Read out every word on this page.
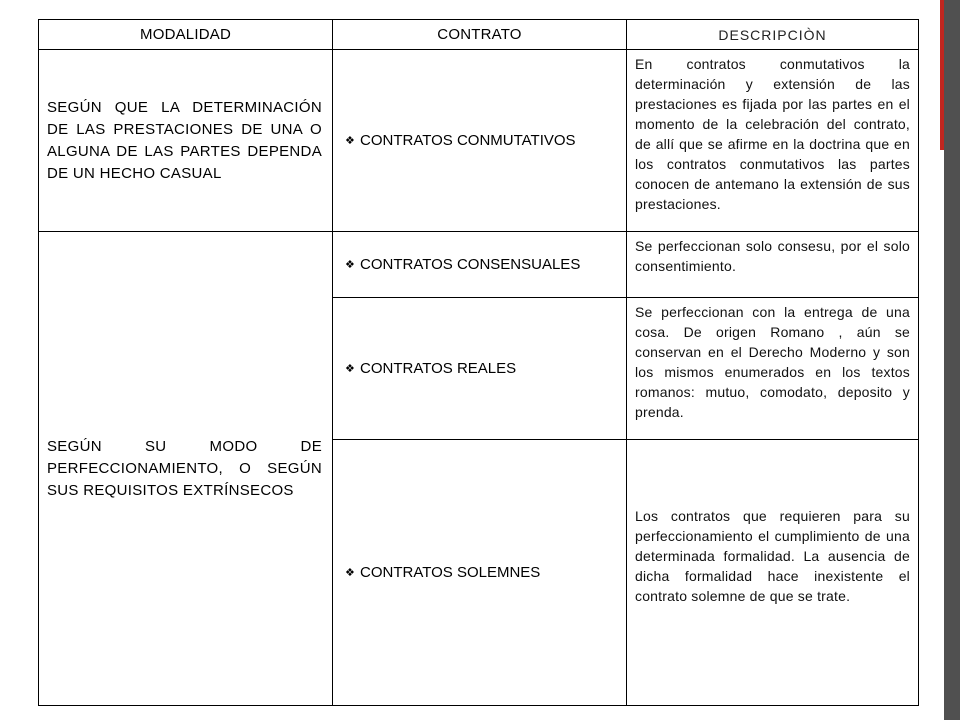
MODALIDAD	CONTRATO	DESCRIPCIÒN
SEGÚN QUE LA DETERMINACIÓN DE LAS PRESTACIONES DE UNA O ALGUNA DE LAS PARTES DEPENDA DE UN HECHO CASUAL	❖ CONTRATOS CONMUTATIVOS	En contratos conmutativos la determinación y extensión de las prestaciones es fijada por las partes en el momento de la celebración del contrato, de allí que se afirme en la doctrina que en los contratos conmutativos las partes conocen de antemano la extensión de sus prestaciones.
SEGÚN SU MODO DE PERFECCIONAMIENTO, O SEGÚN SUS REQUISITOS EXTRÍNSECOS	❖ CONTRATOS CONSENSUALES	Se perfeccionan solo consesu, por el solo consentimiento.
	❖ CONTRATOS REALES	Se perfeccionan con la entrega de una cosa. De origen Romano , aún se conservan en el Derecho Moderno y son los mismos enumerados en los textos romanos: mutuo, comodato, deposito y prenda.
	❖ CONTRATOS SOLEMNES	Los contratos que requieren para su perfeccionamiento el cumplimiento de una determinada formalidad. La ausencia de dicha formalidad hace inexistente el contrato solemne de que se trate.
